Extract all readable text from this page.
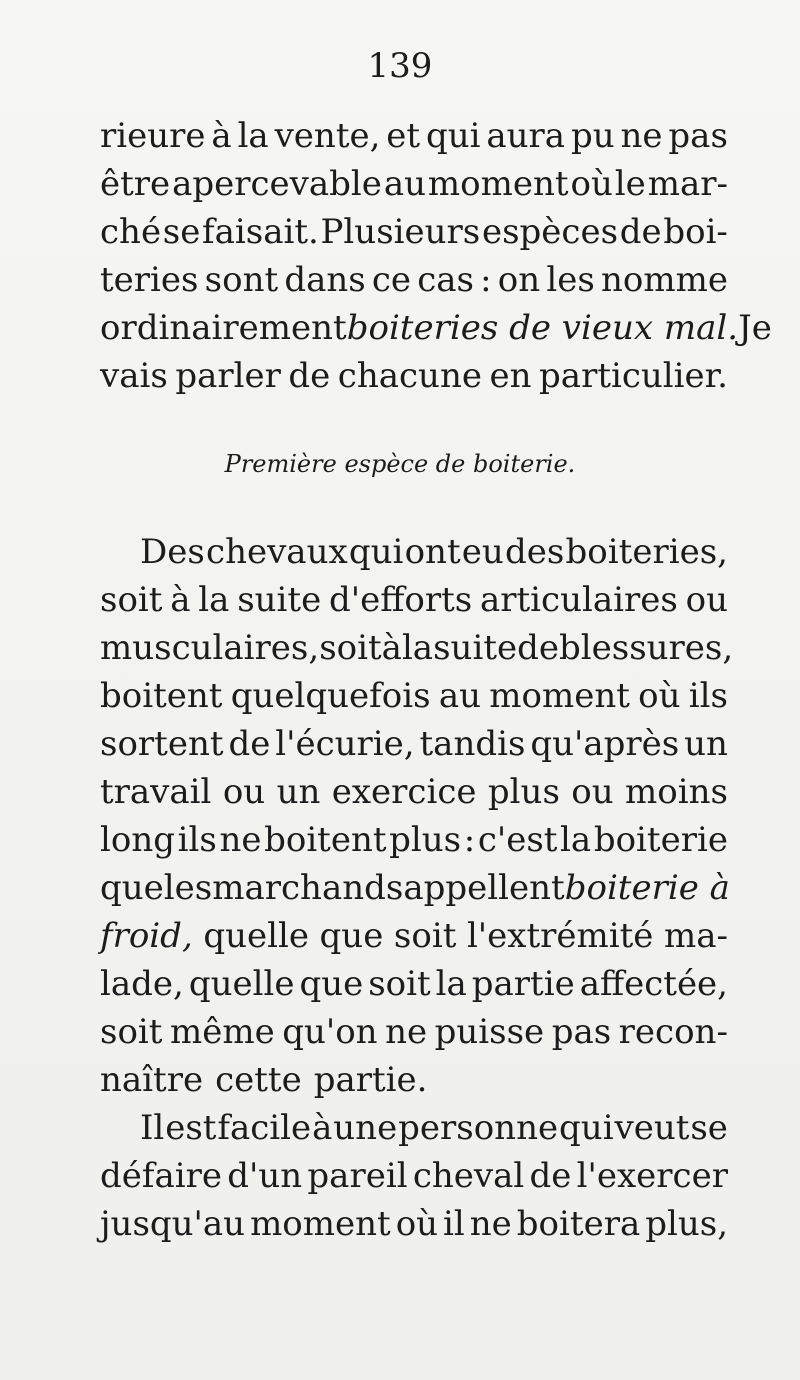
139
rieure à la vente, et qui aura pu ne pas
être apercevable au moment où le mar-
ché se faisait. Plusieurs espèces de boi-
teries sont dans ce cas : on les nomme
ordinairement boiteries de vieux mal. Je
vais parler de chacune en particulier.
Première espèce de boiterie.
Des chevaux qui ont eu des boiteries,
soit à la suite d'efforts articulaires ou
musculaires, soit à la suite de blessures,
boitent quelquefois au moment où ils
sortent de l'écurie, tandis qu'après un
travail ou un exercice plus ou moins
long ils ne boitent plus : c'est la boiterie
que les marchands appellent boiterie à
froid, quelle que soit l'extrémité ma-
lade, quelle que soit la partie affectée,
soit même qu'on ne puisse pas recon-
naître cette partie.
Il est facile à une personne qui veut se
défaire d'un pareil cheval de l'exercer
jusqu'au moment où il ne boitera plus,
